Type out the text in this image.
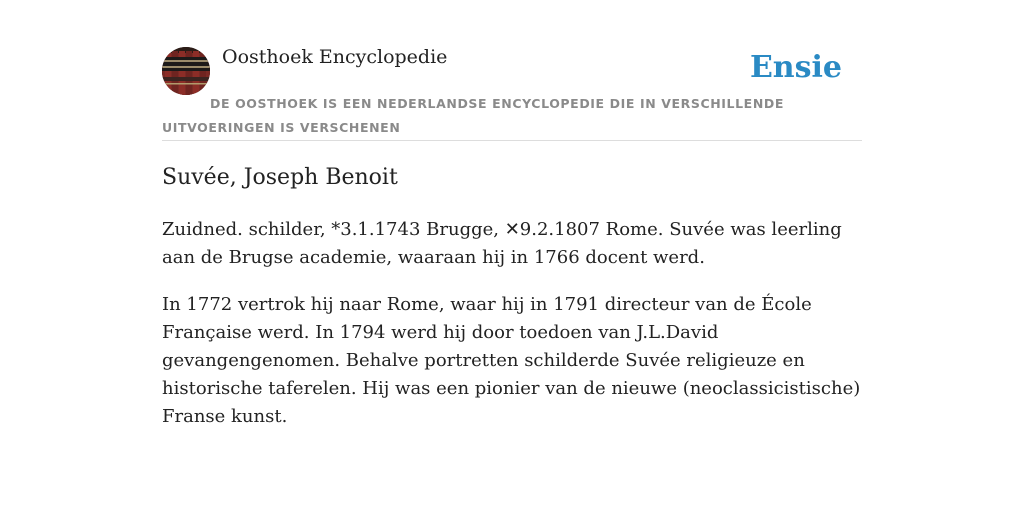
Oosthoek Encyclopedie	Ensie
DE OOSTHOEK IS EEN NEDERLANDSE ENCYCLOPEDIE DIE IN VERSCHILLENDE UITVOERINGEN IS VERSCHENEN
Suvée, Joseph Benoit

Zuidned. schilder, *3.1.1743 Brugge, ✕9.2.1807 Rome. Suvée was leerling aan de Brugse academie, waaraan hij in 1766 docent werd.

In 1772 vertrok hij naar Rome, waar hij in 1791 directeur van de École Française werd. In 1794 werd hij door toedoen van J.L.David gevangengenomen. Behalve portretten schilderde Suvée religieuze en historische taferelen. Hij was een pionier van de nieuwe (neoclassicistische) Franse kunst.
